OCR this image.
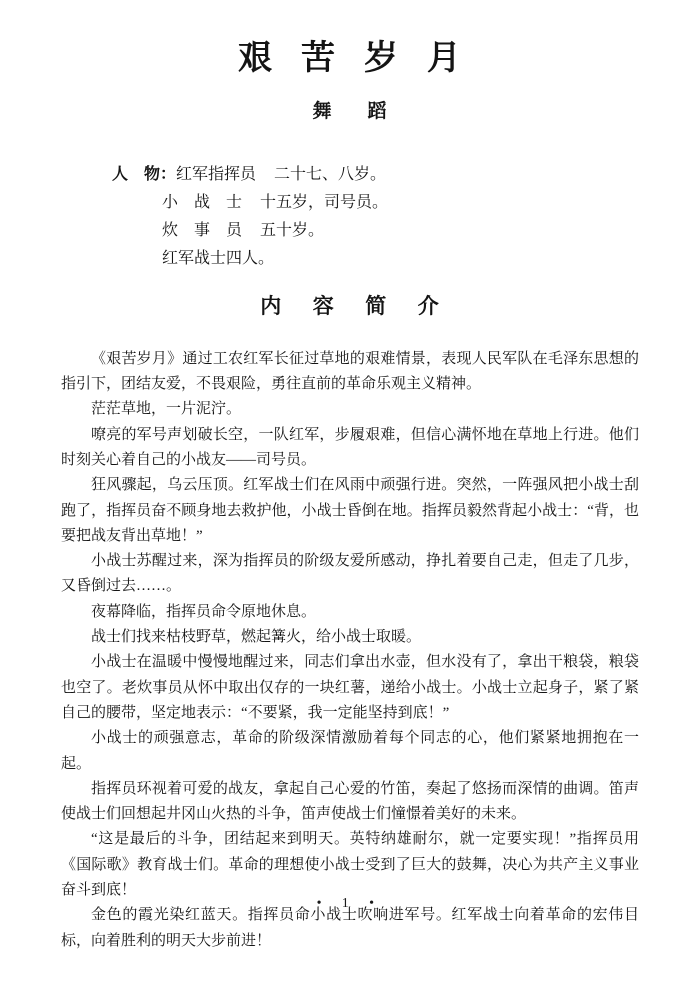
艰苦岁月
舞蹈
人　物：红军指挥员 二十七、八岁。
小　战　士 十五岁，司号员。
炊　事　员 五十岁。
红军战士四人。
内容简介

《艰苦岁月》通过工农红军长征过草地的艰难情景，表现人民军队在毛泽东思想的指引下，团结友爱，不畏艰险，勇往直前的革命乐观主义精神。

茫茫草地，一片泥泞。

嘹亮的军号声划破长空，一队红军，步履艰难，但信心满怀地在草地上行进。他们时刻关心着自己的小战友——司号员。

狂风骤起，乌云压顶。红军战士们在风雨中顽强行进。突然，一阵强风把小战士刮跑了，指挥员奋不顾身地去救护他，小战士昏倒在地。指挥员毅然背起小战士：“背，也要把战友背出草地！”

小战士苏醒过来，深为指挥员的阶级友爱所感动，挣扎着要自己走，但走了几步，又昏倒过去……。

夜幕降临，指挥员命令原地休息。

战士们找来枯枝野草，燃起篝火，给小战士取暖。

小战士在温暖中慢慢地醒过来，同志们拿出水壶，但水没有了，拿出干粮袋，粮袋也空了。老炊事员从怀中取出仅存的一块红薯，递给小战士。小战士立起身子，紧了紧自己的腰带，坚定地表示：“不要紧，我一定能坚持到底！”

小战士的顽强意志，革命的阶级深情激励着每个同志的心，他们紧紧地拥抱在一起。

指挥员环视着可爱的战友，拿起自己心爱的竹笛，奏起了悠扬而深情的曲调。笛声使战士们回想起井冈山火热的斗争，笛声使战士们憧憬着美好的未来。

“这是最后的斗争，团结起来到明天。英特纳雄耐尔，就一定要实现！”指挥员用《国际歌》教育战士们。革命的理想使小战士受到了巨大的鼓舞，决心为共产主义事业奋斗到底！

金色的霞光染红蓝天。指挥员命小战士吹响进军号。红军战士向着革命的宏伟目标，向着胜利的明天大步前进！

• 1 •
